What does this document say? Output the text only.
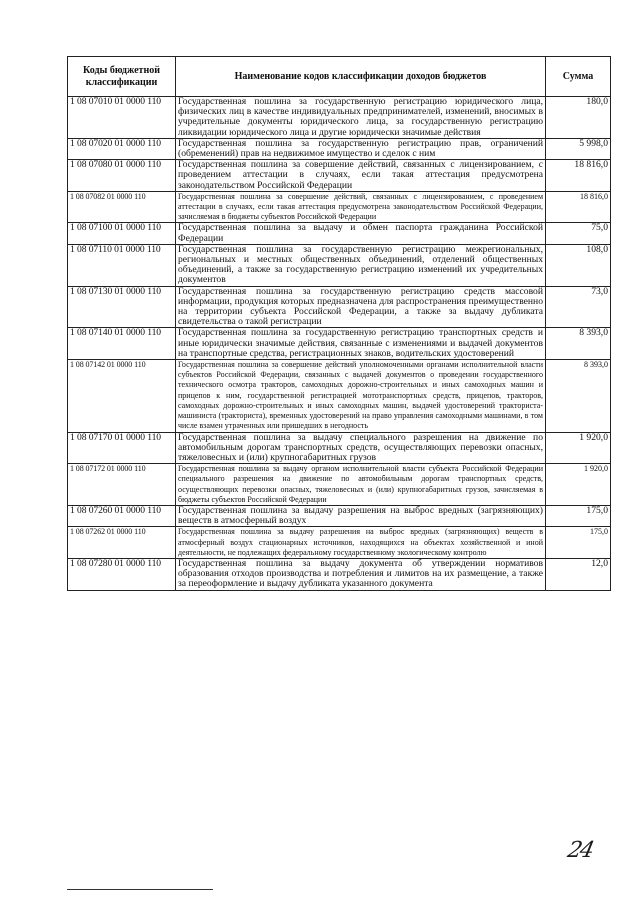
Коды бюджетной классификации	Наименование кодов классификации доходов бюджетов	Сумма
1 08 07010 01 0000 110	Государственная пошлина за государственную регистрацию юридического лица, физических лиц в качестве индивидуальных предпринимателей, изменений, вносимых в учредительные документы юридического лица, за государственную регистрацию ликвидации юридического лица и другие юридически значимые действия	180,0
1 08 07020 01 0000 110	Государственная пошлина за государственную регистрацию прав, ограничений (обременений) прав на недвижимое имущество и сделок с ним	5 998,0
1 08 07080 01 0000 110	Государственная пошлина за совершение действий, связанных с лицензированием, с проведением аттестации в случаях, если такая аттестация предусмотрена законодательством Российской Федерации	18 816,0
1 08 07082 01 0000 110	Государственная пошлина за совершение действий, связанных с лицензированием, с проведением аттестации в случаях, если такая аттестация предусмотрена законодательством Российской Федерации, зачисляемая в бюджеты субъектов Российской Федерации	18 816,0
1 08 07100 01 0000 110	Государственная пошлина за выдачу и обмен паспорта гражданина Российской Федерации	75,0
1 08 07110 01 0000 110	Государственная пошлина за государственную регистрацию межрегиональных, региональных и местных общественных объединений, отделений общественных объединений, а также за государственную регистрацию изменений их учредительных документов	108,0
1 08 07130 01 0000 110	Государственная пошлина за государственную регистрацию средств массовой информации, продукция которых предназначена для распространения преимущественно на территории субъекта Российской Федерации, а также за выдачу дубликата свидетельства о такой регистрации	73,0
1 08 07140 01 0000 110	Государственная пошлина за государственную регистрацию транспортных средств и иные юридически значимые действия, связанные с изменениями и выдачей документов на транспортные средства, регистрационных знаков, водительских удостоверений	8 393,0
1 08 07142 01 0000 110	Государственная пошлина за совершение действий уполномоченными органами исполнительной власти субъектов Российской Федерации, связанных с выдачей документов о проведении государственного технического осмотра тракторов, самоходных дорожно-строительных и иных самоходных машин и прицепов к ним, государственной регистрацией мототранспортных средств, прицепов, тракторов, самоходных дорожно-строительных и иных самоходных машин, выдачей удостоверений тракториста-машиниста (тракториста), временных удостоверений на право управления самоходными машинами, в том числе взамен утраченных или пришедших в негодность	8 393,0
1 08 07170 01 0000 110	Государственная пошлина за выдачу специального разрешения на движение по автомобильным дорогам транспортных средств, осуществляющих перевозки опасных, тяжеловесных и (или) крупногабаритных грузов	1 920,0
1 08 07172 01 0000 110	Государственная пошлина за выдачу органом исполнительной власти субъекта Российской Федерации специального разрешения на движение по автомобильным дорогам транспортных средств, осуществляющих перевозки опасных, тяжеловесных и (или) крупногабаритных грузов, зачисляемая в бюджеты субъектов Российской Федерации	1 920,0
1 08 07260 01 0000 110	Государственная пошлина за выдачу разрешения на выброс вредных (загрязняющих) веществ в атмосферный воздух	175,0
1 08 07262 01 0000 110	Государственная пошлина за выдачу разрешения на выброс вредных (загрязняющих) веществ в атмосферный воздух стационарных источников, находящихся на объектах хозяйственной и иной деятельности, не подлежащих федеральному государственному экологическому контролю	175,0
1 08 07280 01 0000 110	Государственная пошлина за выдачу документа об утверждении нормативов образования отходов производства и потребления и лимитов на их размещение, а также за переоформление и выдачу дубликата указанного документа	12,0
24
